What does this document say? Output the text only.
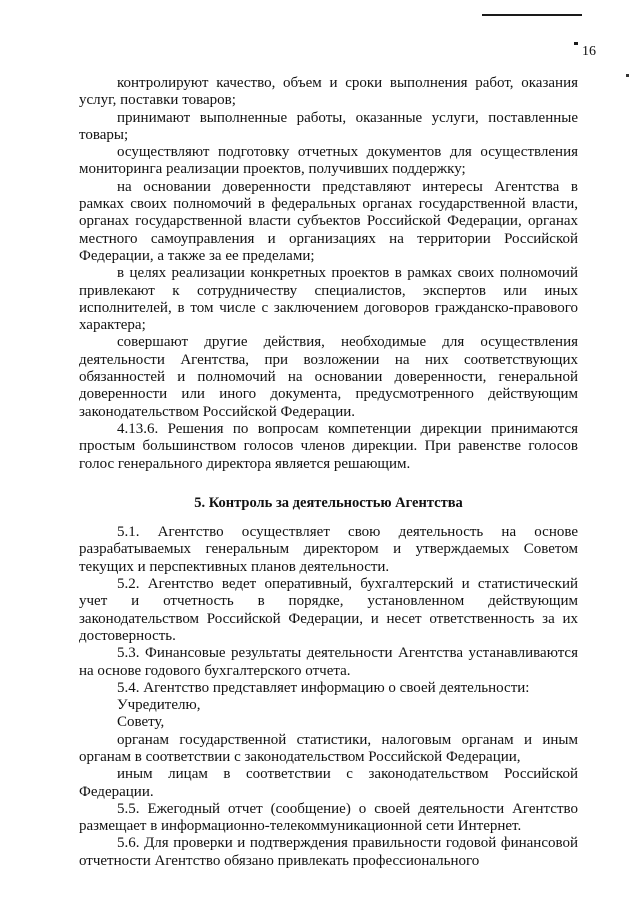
16

контролируют качество, объем и сроки выполнения работ, оказания услуг, поставки товаров;

принимают выполненные работы, оказанные услуги, поставленные товары;

осуществляют подготовку отчетных документов для осуществления мониторинга реализации проектов, получивших поддержку;

на основании доверенности представляют интересы Агентства в рамках своих полномочий в федеральных органах государственной власти, органах государственной власти субъектов Российской Федерации, органах местного самоуправления и организациях на территории Российской Федерации, а также за ее пределами;

в целях реализации конкретных проектов в рамках своих полномочий привлекают к сотрудничеству специалистов, экспертов или иных исполнителей, в том числе с заключением договоров гражданско-правового характера;

совершают другие действия, необходимые для осуществления деятельности Агентства, при возложении на них соответствующих обязанностей и полномочий на основании доверенности, генеральной доверенности или иного документа, предусмотренного действующим законодательством Российской Федерации.

4.13.6. Решения по вопросам компетенции дирекции принимаются простым большинством голосов членов дирекции. При равенстве голосов голос генерального директора является решающим.

5. Контроль за деятельностью Агентства

5.1. Агентство осуществляет свою деятельность на основе разрабатываемых генеральным директором и утверждаемых Советом текущих и перспективных планов деятельности.

5.2. Агентство ведет оперативный, бухгалтерский и статистический учет и отчетность в порядке, установленном действующим законодательством Российской Федерации, и несет ответственность за их достоверность.

5.3. Финансовые результаты деятельности Агентства устанавливаются на основе годового бухгалтерского отчета.

5.4. Агентство представляет информацию о своей деятельности:

Учредителю,

Совету,

органам государственной статистики, налоговым органам и иным органам в соответствии с законодательством Российской Федерации,

иным лицам в соответствии с законодательством Российской Федерации.

5.5. Ежегодный отчет (сообщение) о своей деятельности Агентство размещает в информационно-телекоммуникационной сети Интернет.

5.6. Для проверки и подтверждения правильности годовой финансовой отчетности Агентство обязано привлекать профессионального
